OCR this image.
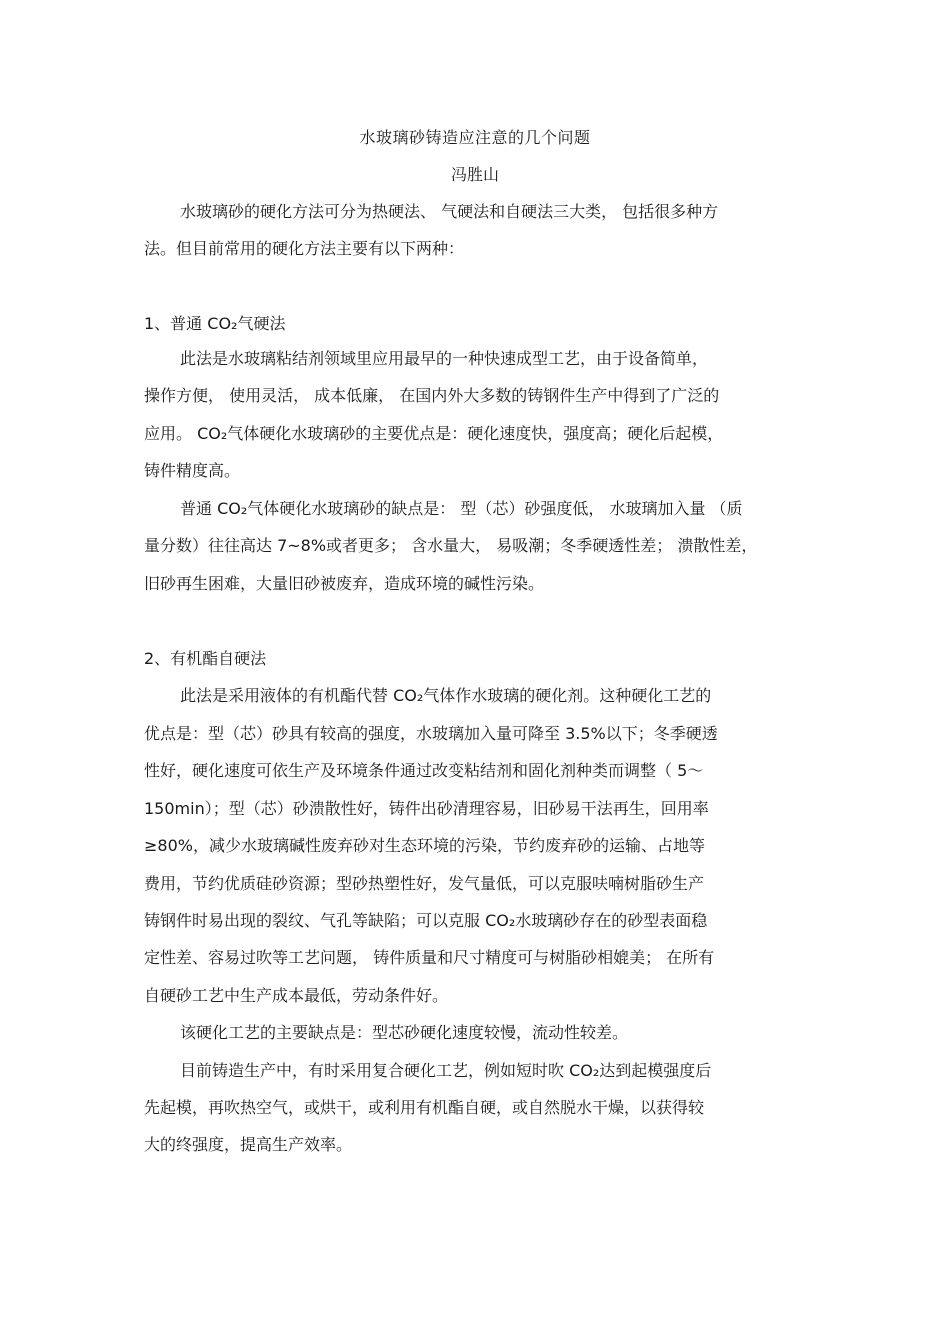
水玻璃砂铸造应注意的几个问题
冯胜山
水玻璃砂的硬化方法可分为热硬法、 气硬法和自硬法三大类， 包括很多种方
法。但目前常用的硬化方法主要有以下两种：
1、普通 CO₂气硬法
此法是水玻璃粘结剂领域里应用最早的一种快速成型工艺，由于设备简单，
操作方便， 使用灵活， 成本低廉， 在国内外大多数的铸钢件生产中得到了广泛的
应用。 CO₂气体硬化水玻璃砂的主要优点是：硬化速度快，强度高；硬化后起模，
铸件精度高。
普通 CO₂气体硬化水玻璃砂的缺点是： 型（芯）砂强度低， 水玻璃加入量 （质
量分数）往往高达 7~8%或者更多； 含水量大， 易吸潮；冬季硬透性差； 溃散性差，
旧砂再生困难，大量旧砂被废弃，造成环境的碱性污染。
2、有机酯自硬法
此法是采用液体的有机酯代替 CO₂气体作水玻璃的硬化剂。这种硬化工艺的
优点是：型（芯）砂具有较高的强度，水玻璃加入量可降至 3.5%以下；冬季硬透
性好，硬化速度可依生产及环境条件通过改变粘结剂和固化剂种类而调整（ 5～
150min）；型（芯）砂溃散性好，铸件出砂清理容易，旧砂易干法再生，回用率
≥80%，减少水玻璃碱性废弃砂对生态环境的污染，节约废弃砂的运输、占地等
费用，节约优质硅砂资源；型砂热塑性好，发气量低，可以克服呋喃树脂砂生产
铸钢件时易出现的裂纹、气孔等缺陷；可以克服 CO₂水玻璃砂存在的砂型表面稳
定性差、容易过吹等工艺问题， 铸件质量和尺寸精度可与树脂砂相媲美； 在所有
自硬砂工艺中生产成本最低，劳动条件好。
该硬化工艺的主要缺点是：型芯砂硬化速度较慢，流动性较差。
目前铸造生产中，有时采用复合硬化工艺，例如短时吹 CO₂达到起模强度后
先起模，再吹热空气，或烘干，或利用有机酯自硬，或自然脱水干燥，以获得较
大的终强度，提高生产效率。
